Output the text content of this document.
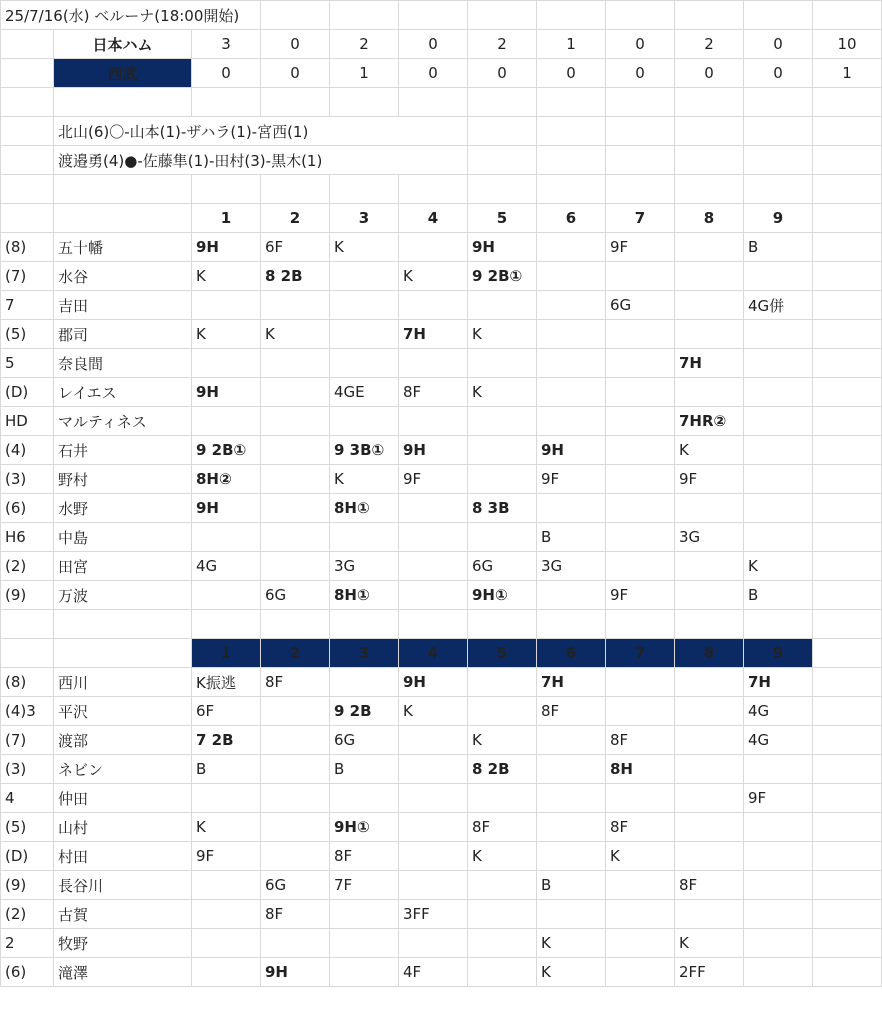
25/7/16(水) ベルーナ(18:00開始)											
	日本ハム	3	0	2	0	2	1	0	2	0	10
	西武	0	0	1	0	0	0	0	0	0	1

	北山(6)〇-山本(1)-ザハラ(1)-宮西(1)										
	渡邉勇(4)●-佐藤隼(1)-田村(3)-黒木(1)										

		1	2	3	4	5	6	7	8	9	
(8)	五十幡	9H	6F	K		9H		9F		B	
(7)	水谷	K	8 2B		K	9 2B①					
7	吉田							6G		4G併	
(5)	郡司	K	K		7H	K					
5	奈良間								7H		
(D)	レイエス	9H		4GE	8F	K					
HD	マルティネス								7HR②		
(4)	石井	9 2B①		9 3B①	9H		9H		K		
(3)	野村	8H②		K	9F		9F		9F		
(6)	水野	9H		8H①		8 3B					
H6	中島						B		3G		
(2)	田宮	4G		3G		6G	3G			K	
(9)	万波		6G	8H①		9H①		9F		B	

		1	2	3	4	5	6	7	8	9	
(8)	西川	K振逃	8F		9H		7H			7H	
(4)3	平沢	6F		9 2B	K		8F			4G	
(7)	渡部	7 2B		6G		K		8F		4G	
(3)	ネビン	B		B		8 2B		8H			
4	仲田									9F	
(5)	山村	K		9H①		8F		8F			
(D)	村田	9F		8F		K		K			
(9)	長谷川		6G	7F			B		8F		
(2)	古賀		8F		3FF						
2	牧野						K		K		
(6)	滝澤		9H		4F		K		2FF		
